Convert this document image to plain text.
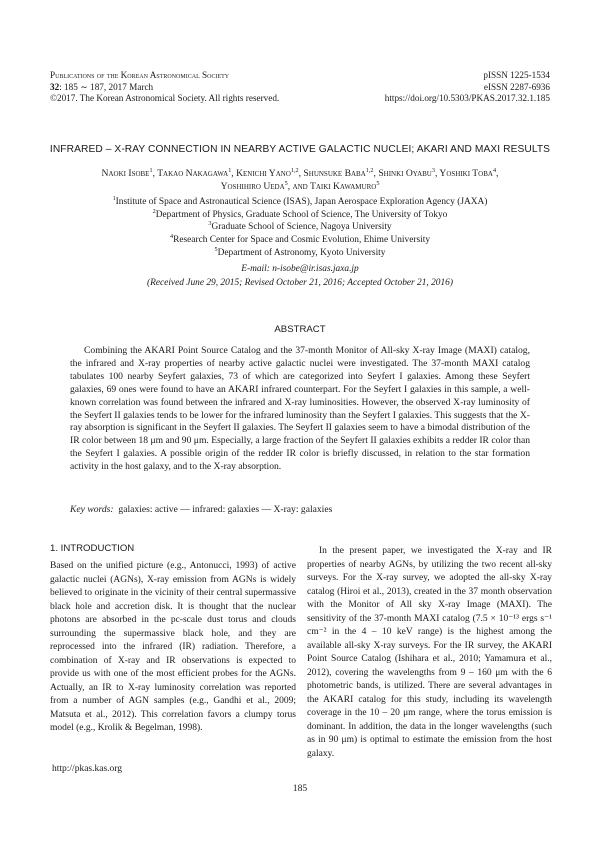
Publications of the Korean Astronomical Society
32: 185 ∼ 187, 2017 March
©2017. The Korean Astronomical Society. All rights reserved.
pISSN 1225-1534
eISSN 2287-6936
https://doi.org/10.5303/PKAS.2017.32.1.185
INFRARED – X-RAY CONNECTION IN NEARBY ACTIVE GALACTIC NUCLEI; AKARI AND MAXI RESULTS
Naoki Isobe$^1$, Takao Nakagawa$^1$, Kenichi Yano$^{1,2}$, Shunsuke Baba$^{1,2}$, Shinki Oyabu$^3$, Yoshiki Toba$^4$,
Yoshihiro Ueda$^5$, and Taiki Kawamuro$^5$
$^1$Institute of Space and Astronautical Science (ISAS), Japan Aerospace Exploration Agency (JAXA)
$^2$Department of Physics, Graduate School of Science, The University of Tokyo
$^3$Graduate School of Science, Nagoya University
$^4$Research Center for Space and Cosmic Evolution, Ehime University
$^5$Department of Astronomy, Kyoto University
E-mail: n-isobe@ir.isas.jaxa.jp
(Received June 29, 2015; Revised October 21, 2016; Accepted October 21, 2016)
ABSTRACT
Combining the AKARI Point Source Catalog and the 37-month Monitor of All-sky X-ray Image (MAXI) catalog, the infrared and X-ray properties of nearby active galactic nuclei were investigated. The 37-month MAXI catalog tabulates 100 nearby Seyfert galaxies, 73 of which are categorized into Seyfert I galaxies. Among these Seyfert galaxies, 69 ones were found to have an AKARI infrared counterpart. For the Seyfert I galaxies in this sample, a well-known correlation was found between the infrared and X-ray luminosities. However, the observed X-ray luminosity of the Seyfert II galaxies tends to be lower for the infrared luminosity than the Seyfert I galaxies. This suggests that the X-ray absorption is significant in the Seyfert II galaxies. The Seyfert II galaxies seem to have a bimodal distribution of the IR color between 18 μm and 90 μm. Especially, a large fraction of the Seyfert II galaxies exhibits a redder IR color than the Seyfert I galaxies. A possible origin of the redder IR color is briefly discussed, in relation to the star formation activity in the host galaxy, and to the X-ray absorption.
Key words: galaxies: active — infrared: galaxies — X-ray: galaxies
1. INTRODUCTION
Based on the unified picture (e.g., Antonucci, 1993) of active galactic nuclei (AGNs), X-ray emission from AGNs is widely believed to originate in the vicinity of their central supermassive black hole and accretion disk. It is thought that the nuclear photons are absorbed in the pc-scale dust torus and clouds surrounding the supermassive black hole, and they are reprocessed into the infrared (IR) radiation. Therefore, a combination of X-ray and IR observations is expected to provide us with one of the most efficient probes for the AGNs. Actually, an IR to X-ray luminosity correlation was reported from a number of AGN samples (e.g., Gandhi et al., 2009; Matsuta et al., 2012). This correlation favors a clumpy torus model (e.g., Krolik & Begelman, 1998).
http://pkas.kas.org
In the present paper, we investigated the X-ray and IR properties of nearby AGNs, by utilizing the two recent all-sky surveys. For the X-ray survey, we adopted the all-sky X-ray catalog (Hiroi et al., 2013), created in the 37 month observation with the Monitor of All sky X-ray Image (MAXI). The sensitivity of the 37-month MAXI catalog (7.5 × 10⁻¹³ ergs s⁻¹ cm⁻² in the 4 – 10 keV range) is the highest among the available all-sky X-ray surveys. For the IR survey, the AKARI Point Source Catalog (Ishihara et al., 2010; Yamamura et al., 2012), covering the wavelengths from 9 – 160 μm with the 6 photometric bands, is utilized. There are several advantages in the AKARI catalog for this study, including its wavelength coverage in the 10 – 20 μm range, where the torus emission is dominant. In addition, the data in the longer wavelengths (such as in 90 μm) is optimal to estimate the emission from the host galaxy.
185
